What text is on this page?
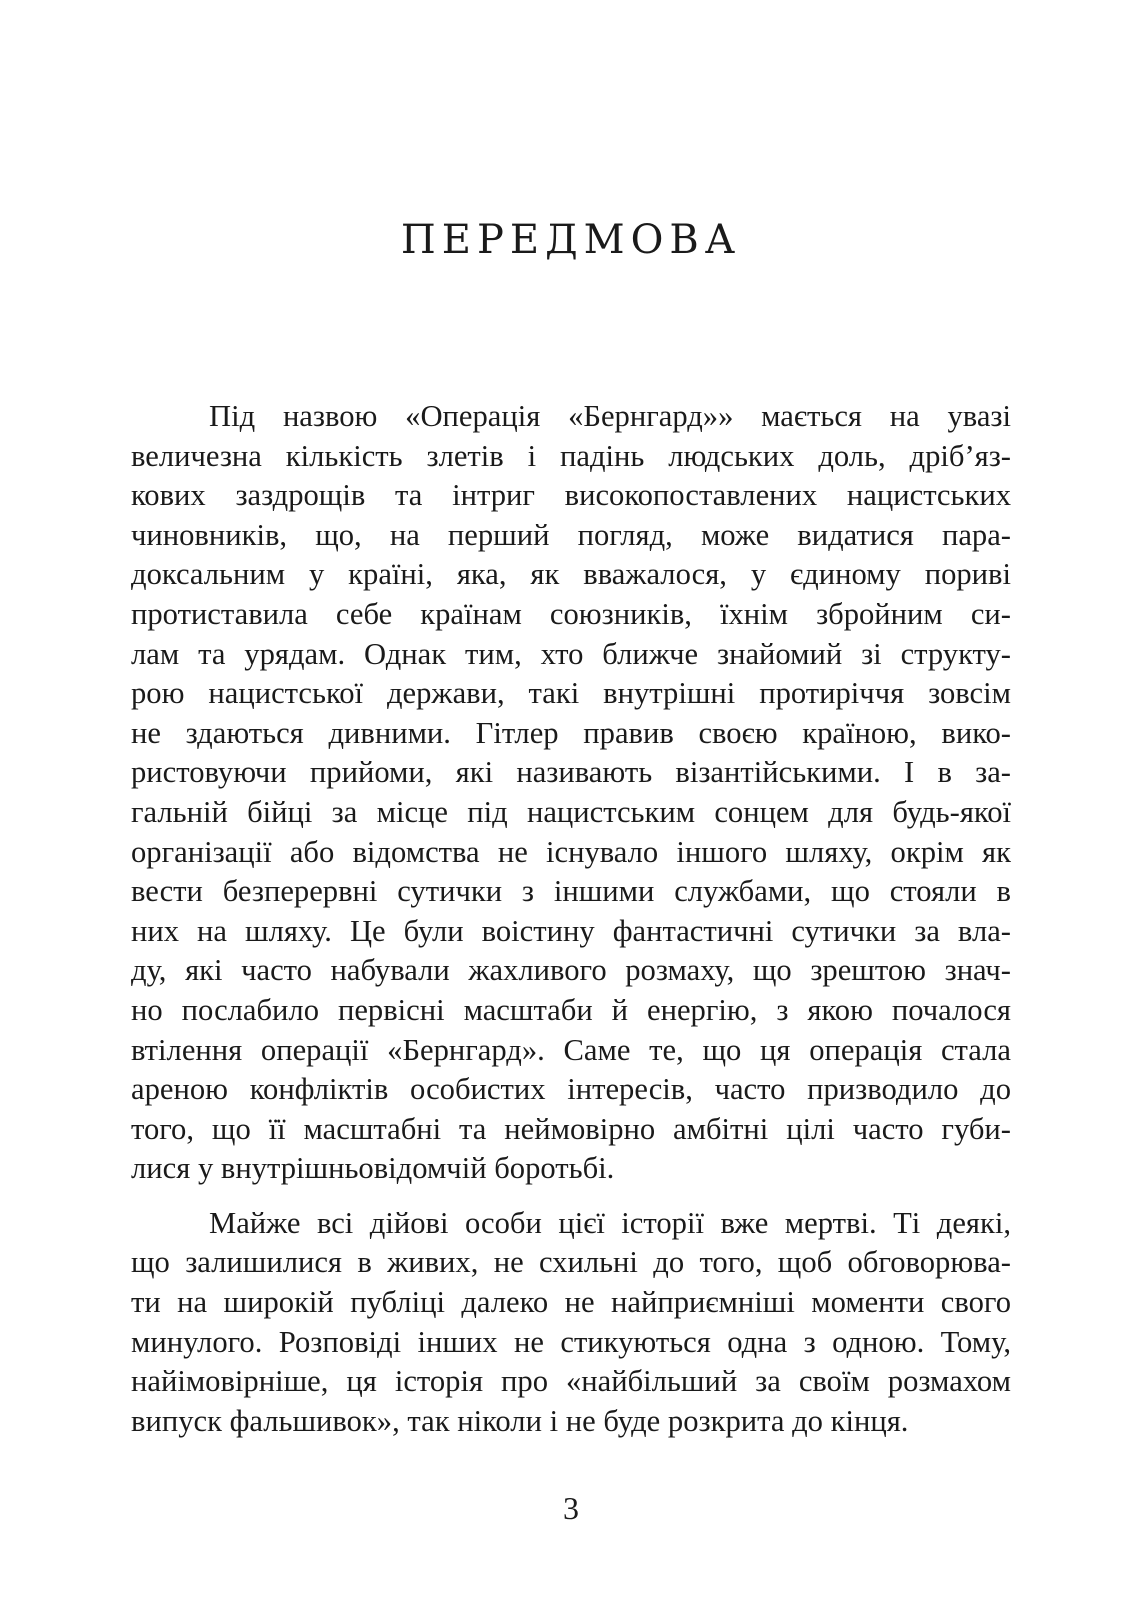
ПЕРЕДМОВА

Під назвою «Операція «Бернгард»» мається на увазі
величезна кількість злетів і падінь людських доль, дріб’яз-
кових заздрощів та інтриг високопоставлених нацистських
чиновників, що, на перший погляд, може видатися пара-
доксальним у країні, яка, як вважалося, у єдиному пориві
протиставила себе країнам союзників, їхнім збройним си-
лам та урядам. Однак тим, хто ближче знайомий зі структу-
рою нацистської держави, такі внутрішні протиріччя зовсім
не здаються дивними. Гітлер правив своєю країною, вико-
ристовуючи прийоми, які називають візантійськими. І в за-
гальній бійці за місце під нацистським сонцем для будь-якої
організації або відомства не існувало іншого шляху, окрім як
вести безперервні сутички з іншими службами, що стояли в
них на шляху. Це були воістину фантастичні сутички за вла-
ду, які часто набували жахливого розмаху, що зрештою знач-
но послабило первісні масштаби й енергію, з якою почалося
втілення операції «Бернгард». Саме те, що ця операція стала
ареною конфліктів особистих інтересів, часто призводило до
того, що її масштабні та неймовірно амбітні цілі часто губи-
лися у внутрішньовідомчій боротьбі.

Майже всі дійові особи цієї історії вже мертві. Ті деякі,
що залишилися в живих, не схильні до того, щоб обговорюва-
ти на широкій публіці далеко не найприємніші моменти свого
минулого. Розповіді інших не стикуються одна з одною. Тому,
найімовірніше, ця історія про «найбільший за своїм розмахом
випуск фальшивок», так ніколи і не буде розкрита до кінця.

3
